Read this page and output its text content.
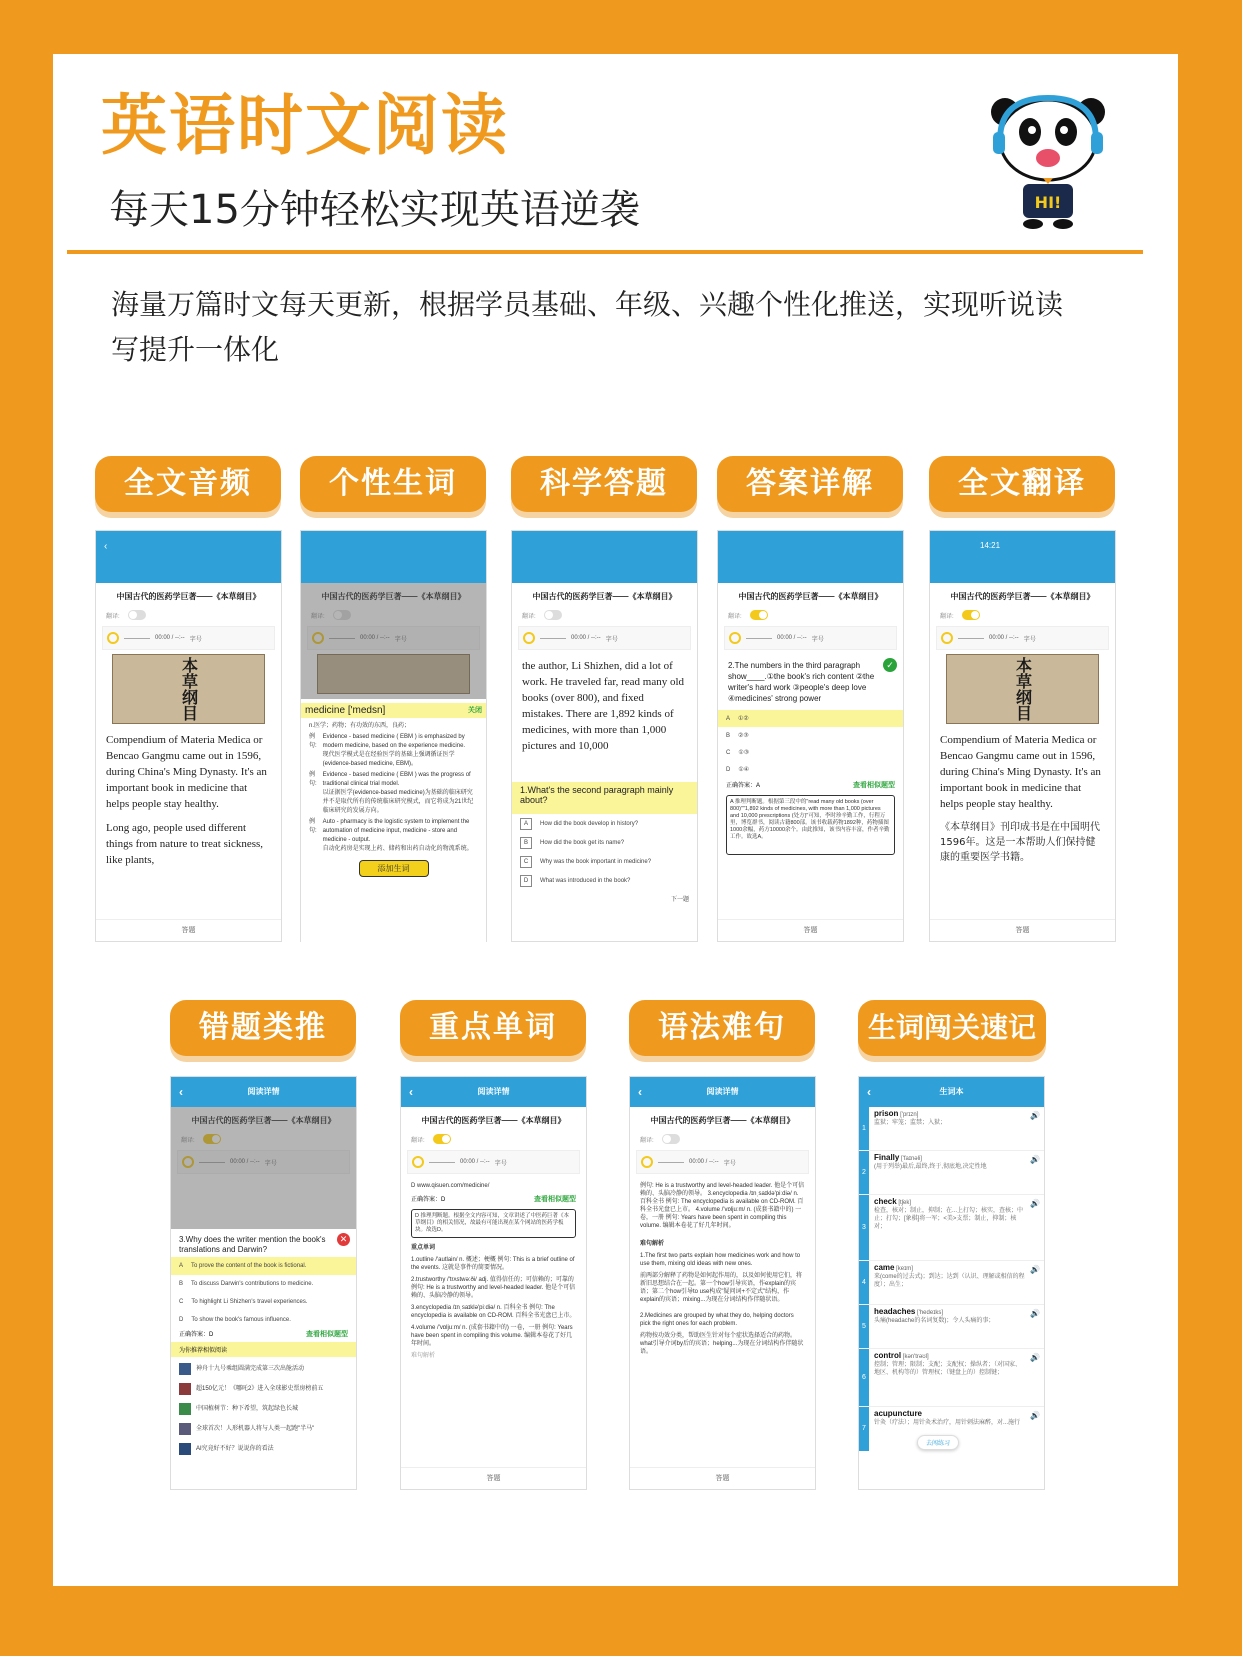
英语时文阅读
每天15分钟轻松实现英语逆袭	HI!
海量万篇时文每天更新，根据学员基础、年级、兴趣个性化推送，实现听说读写提升一体化
全文音频	个性生词	科学答题	答案详解	全文翻译
‹
中国古代的医药学巨著——《本草纲目》
翻译:
00:00 / --:-- 字号
本草纲目
Compendium of Materia Medica or Bencao Gangmu came out in 1596, during China's Ming Dynasty. It's an important book in medicine that helps people stay healthy.
Long ago, people used different things from nature to treat sickness, like plants,
答题
中国古代的医药学巨著——《本草纲目》
翻译:
00:00 / --:-- 字号
medicine ['medsn]	关闭
n.医学；药物；有功效的东西，良药；
例句:
Evidence - based medicine ( EBM ) is emphasized by modern medicine, based on the experience medicine.
现代医学模式是在经验医学的基础上强调循证医学(evidence-based medicine, EBM)。
例句:
Evidence - based medicine ( EBM ) was the progress of traditional clinical trial model.
以证据医学(evidence-based medicine)为基础的临床研究并不是取代所有的传统临床研究模式，而它将成为21世纪临床研究的发展方向。
例句:
Auto - pharmacy is the logistic system to implement the automation of medicine input, medicine - store and medicine - output.
自动化药房是实现上药、储药和出药自动化的物流系统。
添加生词
中国古代的医药学巨著——《本草纲目》
翻译:
00:00 / --:-- 字号
the author, Li Shizhen, did a lot of work. He traveled far, read many old books (over 800), and fixed mistakes. There are 1,892 kinds of medicines, with more than 1,000 pictures and 10,000
1.What's the second paragraph mainly about?
A	How did the book develop in history?
B	How did the book get its name?
C	Why was the book important in medicine?
D	What was introduced in the book?
下一题
中国古代的医药学巨著——《本草纲目》
翻译:
00:00 / --:-- 字号
2.The numbers in the third paragraph show____.①the book's rich content ②the writer's hard work ③people's deep love ④medicines' strong power
✓
A ①②
B ②③
C ①③
D ①④
正确答案：A	查看相似题型
A 推理判断题。根据第三段中的"read many old books (over 800)""1,892 kinds of medicines, with more than 1,000 pictures and 10,000 prescriptions (处方)"可知，李时珍辛勤工作，行程万里，博览群书，阅读古籍800部。该书收载药物1892种，药物插图1000余幅，药方10000余个。由此推知，该书内容丰富，作者辛勤工作。故选A。
答题
14:21
中国古代的医药学巨著——《本草纲目》
翻译:
00:00 / --:-- 字号
本草纲目
Compendium of Materia Medica or Bencao Gangmu came out in 1596, during China's Ming Dynasty. It's an important book in medicine that helps people stay healthy.
《本草纲目》刊印成书是在中国明代1596年。这是一本帮助人们保持健康的重要医学书籍。
答题
错题类推	重点单词	语法难句	生词闯关速记
‹	阅读详情
中国古代的医药学巨著——《本草纲目》
翻译:
00:00 / --:-- 字号
3.Why does the writer mention the book's translations and Darwin?
✕
A To prove the content of the book is fictional.
B To discuss Darwin's contributions to medicine.
C To highlight Li Shizhen's travel experiences.
D To show the book's famous influence.
正确答案：D	查看相似题型
为你推荐相似阅读
神舟十九号乘组圆满完成第三次出舱活动
超150亿元！《哪吒2》进入全球影史票房榜前五
中国植树节：种下希望，筑起绿色长城
全球首次！人形机器人将与人类一起跑"半马"
AI究竟好不好？说说你的看法
‹	阅读详情
中国古代的医药学巨著——《本草纲目》
翻译:
00:00 / --:-- 字号
D www.qisuen.com/medicine/
正确答案：D	查看相似题型
D 推理判断题。根据全文内容可知，文章讲述了中医药巨著《本草纲目》的相关情况，故最有可能出现在某个网站的医药学板块。故选D。
重点单词
1.outline /'autlain/ n. 概述；梗概 例句: This is a brief outline of the events. 这就是事件的简要情况。
2.trustworthy /'trʌstwə:ði/ adj. 值得信任的；可信赖的；可靠的 例句: He is a trustworthy and level-headed leader. 他是个可信赖的、头脑冷静的领导。
3.encyclopedia /ɪnˌsaɪklə'piːdiə/ n. 百科全书 例句: The encyclopedia is available on CD-ROM. 百科全书光盘已上市。
4.volume /'vɒljuːm/ n. (成套书籍中的) 一卷，一册 例句: Years have been spent in compiling this volume. 编辑本卷花了好几年时间。
难句解析
答题
‹	阅读详情
中国古代的医药学巨著——《本草纲目》
翻译:
00:00 / --:-- 字号
例句: He is a trustworthy and level-headed leader. 他是个可信赖的、头脑冷静的领导。 3.encyclopedia /ɪnˌsaɪklə'piːdiə/ n. 百科全书 例句: The encyclopedia is available on CD-ROM. 百科全书光盘已上市。 4.volume /'vɒljuːm/ n. (成套书籍中的) 一卷，一册 例句: Years have been spent in compiling this volume. 编辑本卷花了好几年时间。
难句解析
1.The first two parts explain how medicines work and how to use them, mixing old ideas with new ones.
前两部分解释了药物是如何起作用的，以及如何使用它们，将新旧思想结合在一起。第一个how引导宾语，作explain的宾语；第二个how引导to use构成"疑问词+不定式"结构，作explain的宾语；mixing...为现在分词结构作伴随状语。
2.Medicines are grouped by what they do, helping doctors pick the right ones for each problem.
药物按功效分类，帮助医生针对每个症状选择适合的药物。what引导介词by后的宾语；helping...为现在分词结构作伴随状语。
答题
‹	生词本
1
prison ['prɪzn]
监狱；牢笼；监禁；入狱；
🔊
2
Finally ['faɪnəli]
(用于列举)最后,最终,终于,彻底地,决定性地
🔊
3
check [tʃek]
检查，核对；制止，抑制；在...上打勾；核实，查核；中止；打勾；[象棋]将一军；<美>支票；制止，抑制；核对；
🔊
4
came [keɪm]
来(come的过去式)；到达；达到（认识、理解或相信的程度）；出生；
🔊
5
headaches ['hedeɪks]
头痛(headache的名词复数)；令人头痛的事；
🔊
6
control [kən'trəʊl]
控制；管理；限制；支配；支配权；操纵者；（对国家、地区、机构等的）管理权；（键盘上的）控制键；
🔊
7
acupuncture
针灸（疗法）；用针灸术治疗，用针刺法麻醉，对...施行
🔊
去闯练习
